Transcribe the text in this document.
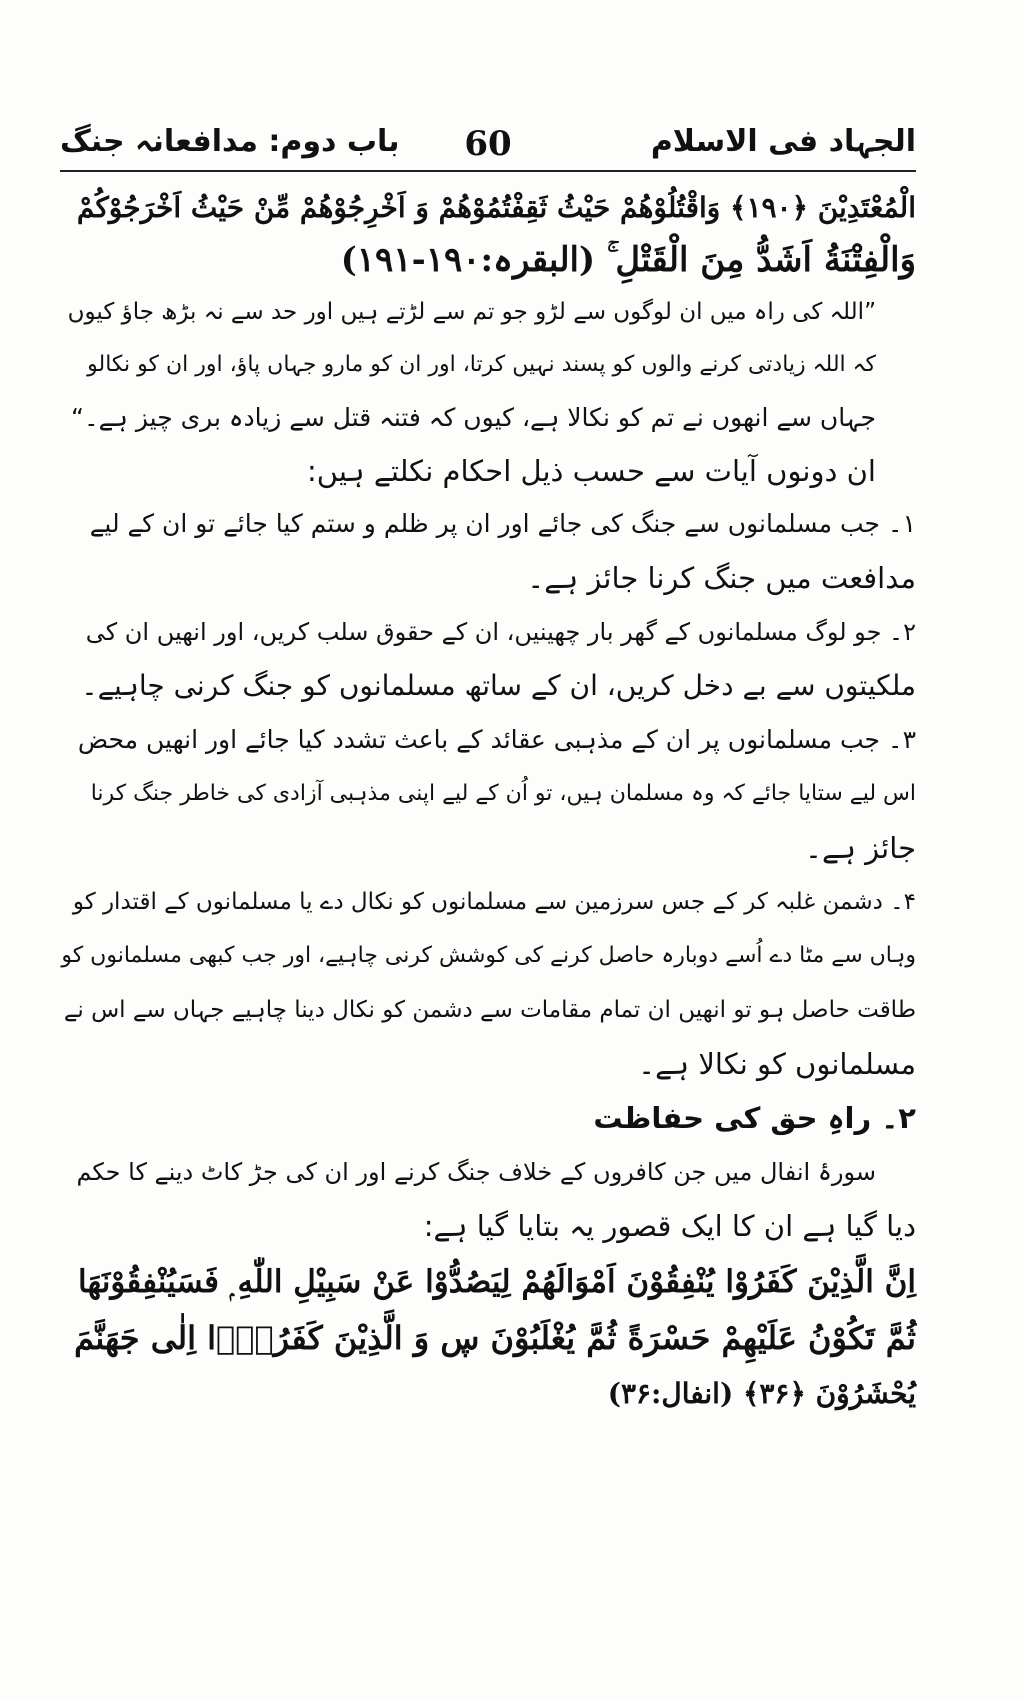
الجہاد فی الاسلام
60
باب دوم: مدافعانہ جنگ
الْمُعْتَدِیْنَ ﴿۱۹۰﴾ وَاقْتُلُوْهُمْ حَیْثُ ثَقِفْتُمُوْهُمْ وَ اَخْرِجُوْهُمْ مِّنْ حَیْثُ اَخْرَجُوْكُمْ
وَالْفِتْنَةُ اَشَدُّ مِنَ الْقَتْلِ ۚ (البقرہ:۱۹۰-۱۹۱)
”اللہ کی راہ میں ان لوگوں سے لڑو جو تم سے لڑتے ہیں اور حد سے نہ بڑھ جاؤ کیوں
کہ اللہ زیادتی کرنے والوں کو پسند نہیں کرتا، اور ان کو مارو جہاں پاؤ، اور ان کو نکالو
جہاں سے انھوں نے تم کو نکالا ہے، کیوں کہ فتنہ قتل سے زیادہ بری چیز ہے۔“
ان دونوں آیات سے حسب ذیل احکام نکلتے ہیں:
۱۔ جب مسلمانوں سے جنگ کی جائے اور ان پر ظلم و ستم کیا جائے تو ان کے لیے
مدافعت میں جنگ کرنا جائز ہے۔
۲۔ جو لوگ مسلمانوں کے گھر بار چھینیں، ان کے حقوق سلب کریں، اور انھیں ان کی
ملکیتوں سے بے دخل کریں، ان کے ساتھ مسلمانوں کو جنگ کرنی چاہیے۔
۳۔ جب مسلمانوں پر ان کے مذہبی عقائد کے باعث تشدد کیا جائے اور انھیں محض
اس لیے ستایا جائے کہ وہ مسلمان ہیں، تو اُن کے لیے اپنی مذہبی آزادی کی خاطر جنگ کرنا
جائز ہے۔
۴۔ دشمن غلبہ کر کے جس سرزمین سے مسلمانوں کو نکال دے یا مسلمانوں کے اقتدار کو
وہاں سے مٹا دے اُسے دوبارہ حاصل کرنے کی کوشش کرنی چاہیے، اور جب کبھی مسلمانوں کو
طاقت حاصل ہو تو انھیں ان تمام مقامات سے دشمن کو نکال دینا چاہیے جہاں سے اس نے
مسلمانوں کو نکالا ہے۔
۲۔ راہِ حق کی حفاظت
سورۂ انفال میں جن کافروں کے خلاف جنگ کرنے اور ان کی جڑ کاٹ دینے کا حکم
دیا گیا ہے ان کا ایک قصور یہ بتایا گیا ہے:
اِنَّ الَّذِیْنَ كَفَرُوْا یُنْفِقُوْنَ اَمْوَالَهُمْ لِیَصُدُّوْا عَنْ سَبِیْلِ اللّٰهِ ۭ فَسَیُنْفِقُوْنَهَا
ثُمَّ تَكُوْنُ عَلَیْهِمْ حَسْرَةً ثُمَّ یُغْلَبُوْنَ ڛ وَ الَّذِیْنَ كَفَرُوْۤا اِلٰى جَهَنَّمَ
یُحْشَرُوْنَ ﴿۳۶﴾ (انفال:۳۶)
